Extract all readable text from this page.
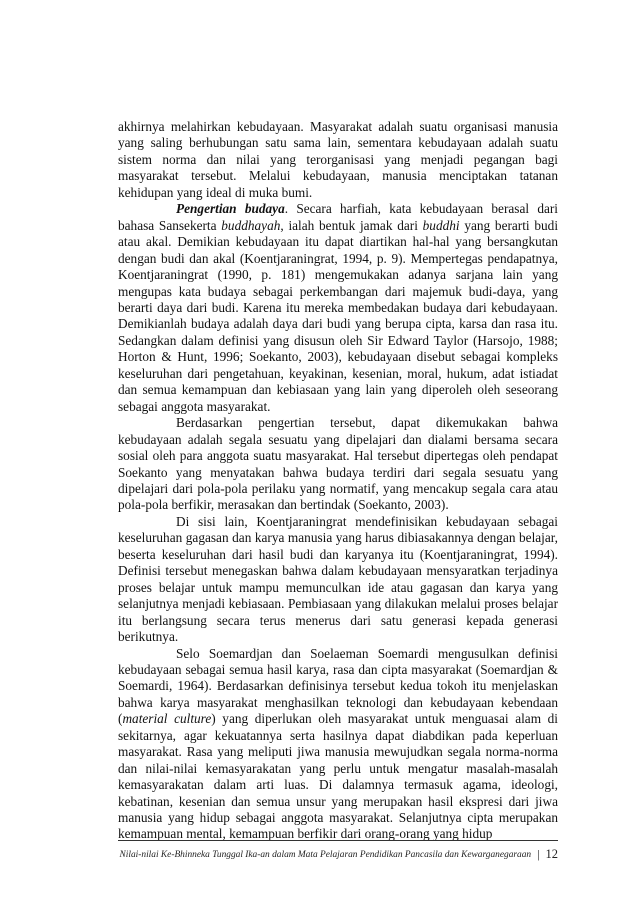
akhirnya melahirkan kebudayaan. Masyarakat adalah suatu organisasi manusia yang saling berhubungan satu sama lain, sementara kebudayaan adalah suatu sistem norma dan nilai yang terorganisasi yang menjadi pegangan bagi masyarakat tersebut. Melalui kebudayaan, manusia menciptakan tatanan kehidupan yang ideal di muka bumi.

Pengertian budaya. Secara harfiah, kata kebudayaan berasal dari bahasa Sansekerta buddhayah, ialah bentuk jamak dari buddhi yang berarti budi atau akal. Demikian kebudayaan itu dapat diartikan hal-hal yang bersangkutan dengan budi dan akal (Koentjaraningrat, 1994, p. 9). Mempertegas pendapatnya, Koentjaraningrat (1990, p. 181) mengemukakan adanya sarjana lain yang mengupas kata budaya sebagai perkembangan dari majemuk budi-daya, yang berarti daya dari budi. Karena itu mereka membedakan budaya dari kebudayaan. Demikianlah budaya adalah daya dari budi yang berupa cipta, karsa dan rasa itu. Sedangkan dalam definisi yang disusun oleh Sir Edward Taylor (Harsojo, 1988; Horton & Hunt, 1996; Soekanto, 2003), kebudayaan disebut sebagai kompleks keseluruhan dari pengetahuan, keyakinan, kesenian, moral, hukum, adat istiadat dan semua kemampuan dan kebiasaan yang lain yang diperoleh oleh seseorang sebagai anggota masyarakat.

Berdasarkan pengertian tersebut, dapat dikemukakan bahwa kebudayaan adalah segala sesuatu yang dipelajari dan dialami bersama secara sosial oleh para anggota suatu masyarakat. Hal tersebut dipertegas oleh pendapat Soekanto yang menyatakan bahwa budaya terdiri dari segala sesuatu yang dipelajari dari pola-pola perilaku yang normatif, yang mencakup segala cara atau pola-pola berfikir, merasakan dan bertindak (Soekanto, 2003).

Di sisi lain, Koentjaraningrat mendefinisikan kebudayaan sebagai keseluruhan gagasan dan karya manusia yang harus dibiasakannya dengan belajar, beserta keseluruhan dari hasil budi dan karyanya itu (Koentjaraningrat, 1994). Definisi tersebut menegaskan bahwa dalam kebudayaan mensyaratkan terjadinya proses belajar untuk mampu memunculkan ide atau gagasan dan karya yang selanjutnya menjadi kebiasaan. Pembiasaan yang dilakukan melalui proses belajar itu berlangsung secara terus menerus dari satu generasi kepada generasi berikutnya.

Selo Soemardjan dan Soelaeman Soemardi mengusulkan definisi kebudayaan sebagai semua hasil karya, rasa dan cipta masyarakat (Soemardjan & Soemardi, 1964). Berdasarkan definisinya tersebut kedua tokoh itu menjelaskan bahwa karya masyarakat menghasilkan teknologi dan kebudayaan kebendaan (material culture) yang diperlukan oleh masyarakat untuk menguasai alam di sekitarnya, agar kekuatannya serta hasilnya dapat diabdikan pada keperluan masyarakat. Rasa yang meliputi jiwa manusia mewujudkan segala norma-norma dan nilai-nilai kemasyarakatan yang perlu untuk mengatur masalah-masalah kemasyarakatan dalam arti luas. Di dalamnya termasuk agama, ideologi, kebatinan, kesenian dan semua unsur yang merupakan hasil ekspresi dari jiwa manusia yang hidup sebagai anggota masyarakat. Selanjutnya cipta merupakan kemampuan mental, kemampuan berfikir dari orang-orang yang hidup

Nilai-nilai Ke-Bhinneka Tunggal Ika-an dalam Mata Pelajaran Pendidikan Pancasila dan Kewarganegaraan | 12
